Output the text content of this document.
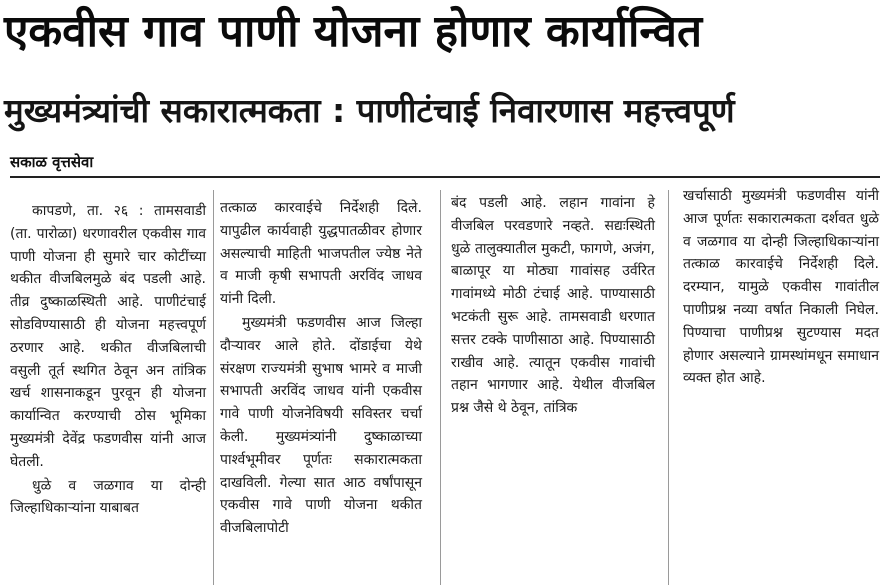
एकवीस गाव पाणी योजना होणार कार्यान्वित
मुख्यमंत्र्यांची सकारात्मकता : पाणीटंचाई निवारणास महत्त्वपूर्ण
सकाळ वृत्तसेवा

कापडणे, ता. २६ : तामसवाडी (ता. पारोळा) धरणावरील एकवीस गाव पाणी योजना ही सुमारे चार कोटींच्या थकीत वीजबिलमुळे बंद पडली आहे. तीव्र दुष्काळस्थिती आहे. पाणीटंचाई सोडविण्यासाठी ही योजना महत्त्वपूर्ण ठरणार आहे. थकीत वीजबिलाची वसुली तूर्त स्थगित ठेवून अन तांत्रिक खर्च शासनाकडून पुरवून ही योजना कार्यान्वित करण्याची ठोस भूमिका मुख्यमंत्री देवेंद्र फडणवीस यांनी आज घेतली.

धुळे व जळगाव या दोन्ही जिल्हाधिकाऱ्यांना याबाबत

तत्काळ कारवाईचे निर्देशही दिले. यापुढील कार्यवाही युद्धपातळीवर होणार असल्याची माहिती भाजपतील ज्येष्ठ नेते व माजी कृषी सभापती अरविंद जाधव यांनी दिली.

मुख्यमंत्री फडणवीस आज जिल्हा दौऱ्यावर आले होते. दोंडाईचा येथे संरक्षण राज्यमंत्री सुभाष भामरे व माजी सभापती अरविंद जाधव यांनी एकवीस गावे पाणी योजनेविषयी सविस्तर चर्चा केली. मुख्यमंत्र्यांनी दुष्काळाच्या पार्श्वभूमीवर पूर्णतः सकारात्मकता दाखविली. गेल्या सात आठ वर्षांपासून एकवीस गावे पाणी योजना थकीत वीजबिलापोटी

बंद पडली आहे. लहान गावांना हे वीजबिल परवडणारे नव्हते. सद्यःस्थिती धुळे तालुक्यातील मुकटी, फागणे, अजंग, बाळापूर या मोठ्या गावांसह उर्वरित गावांमध्ये मोठी टंचाई आहे. पाण्यासाठी भटकंती सुरू आहे. तामसवाडी धरणात सत्तर टक्के पाणीसाठा आहे. पिण्यासाठी राखीव आहे. त्यातून एकवीस गावांची तहान भागणार आहे. येथील वीजबिल प्रश्न जैसे थे ठेवून, तांत्रिक

खर्चासाठी मुख्यमंत्री फडणवीस यांनी आज पूर्णतः सकारात्मकता दर्शवत धुळे व जळगाव या दोन्ही जिल्हाधिकाऱ्यांना तत्काळ कारवाईचे निर्देशही दिले. दरम्यान, यामुळे एकवीस गावांतील पाणीप्रश्न नव्या वर्षात निकाली निघेल. पिण्याचा पाणीप्रश्न सुटण्यास मदत होणार असल्याने ग्रामस्थांमधून समाधान व्यक्त होत आहे.
